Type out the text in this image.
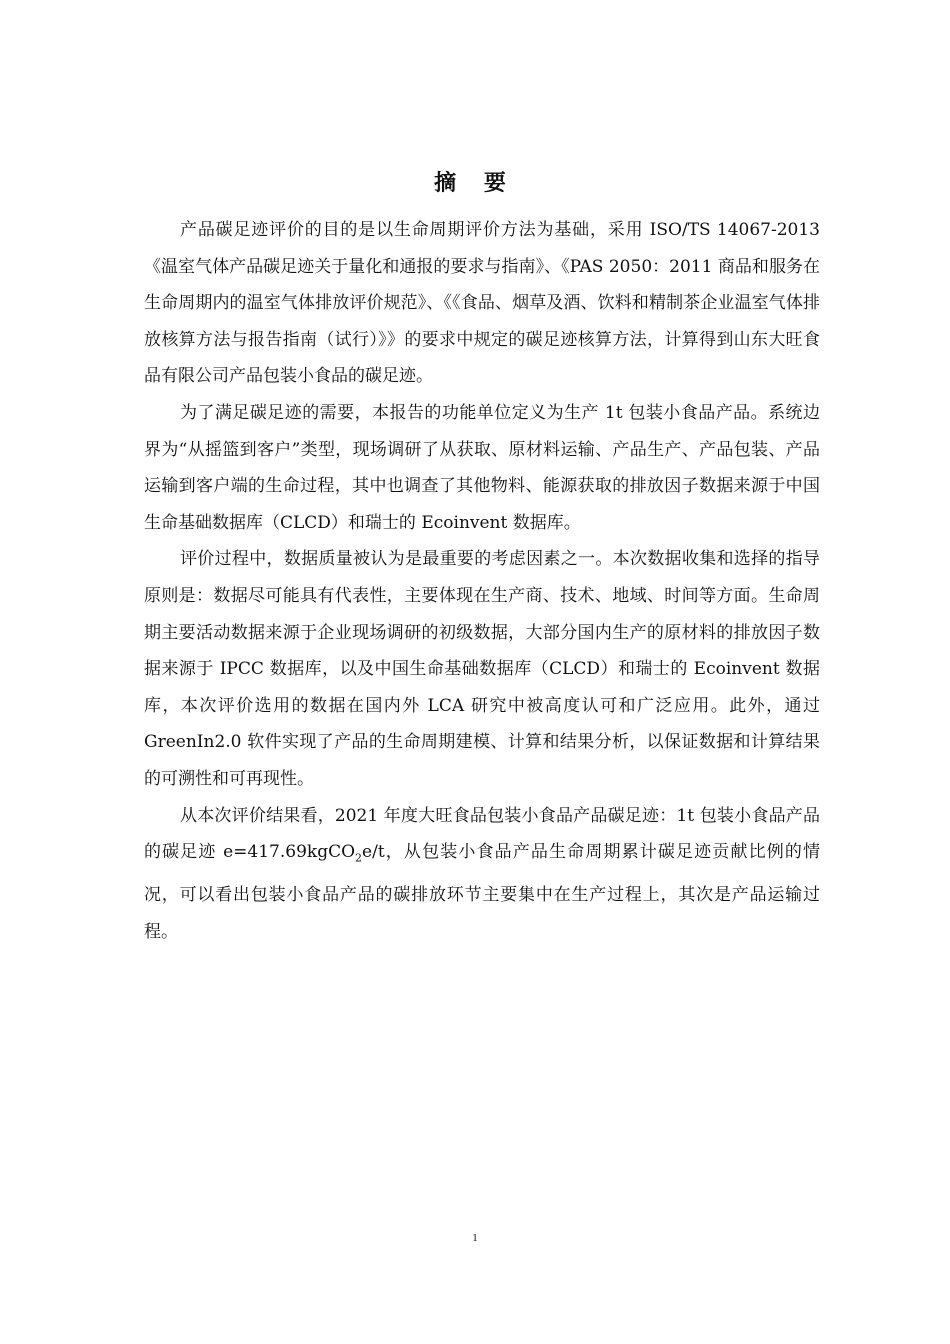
摘 要

产品碳足迹评价的目的是以生命周期评价方法为基础，采用 ISO/TS 14067-2013《温室气体产品碳足迹关于量化和通报的要求与指南》、《PAS 2050：2011 商品和服务在生命周期内的温室气体排放评价规范》、《《食品、烟草及酒、饮料和精制茶企业温室气体排放核算方法与报告指南（试行）》》的要求中规定的碳足迹核算方法，计算得到山东大旺食品有限公司产品包装小食品的碳足迹。

为了满足碳足迹的需要，本报告的功能单位定义为生产 1t 包装小食品产品。系统边界为“从摇篮到客户”类型，现场调研了从获取、原材料运输、产品生产、产品包装、产品运输到客户端的生命过程，其中也调查了其他物料、能源获取的排放因子数据来源于中国生命基础数据库（CLCD）和瑞士的 Ecoinvent 数据库。

评价过程中，数据质量被认为是最重要的考虑因素之一。本次数据收集和选择的指导原则是：数据尽可能具有代表性，主要体现在生产商、技术、地域、时间等方面。生命周期主要活动数据来源于企业现场调研的初级数据，大部分国内生产的原材料的排放因子数据来源于 IPCC 数据库，以及中国生命基础数据库（CLCD）和瑞士的 Ecoinvent 数据库，本次评价选用的数据在国内外 LCA 研究中被高度认可和广泛应用。此外，通过 GreenIn2.0 软件实现了产品的生命周期建模、计算和结果分析，以保证数据和计算结果的可溯性和可再现性。

从本次评价结果看，2021 年度大旺食品包装小食品产品碳足迹：1t 包装小食品产品的碳足迹 e=417.69kgCO$_2$e/t，从包装小食品产品生命周期累计碳足迹贡献比例的情况，可以看出包装小食品产品的碳排放环节主要集中在生产过程上，其次是产品运输过程。

1
